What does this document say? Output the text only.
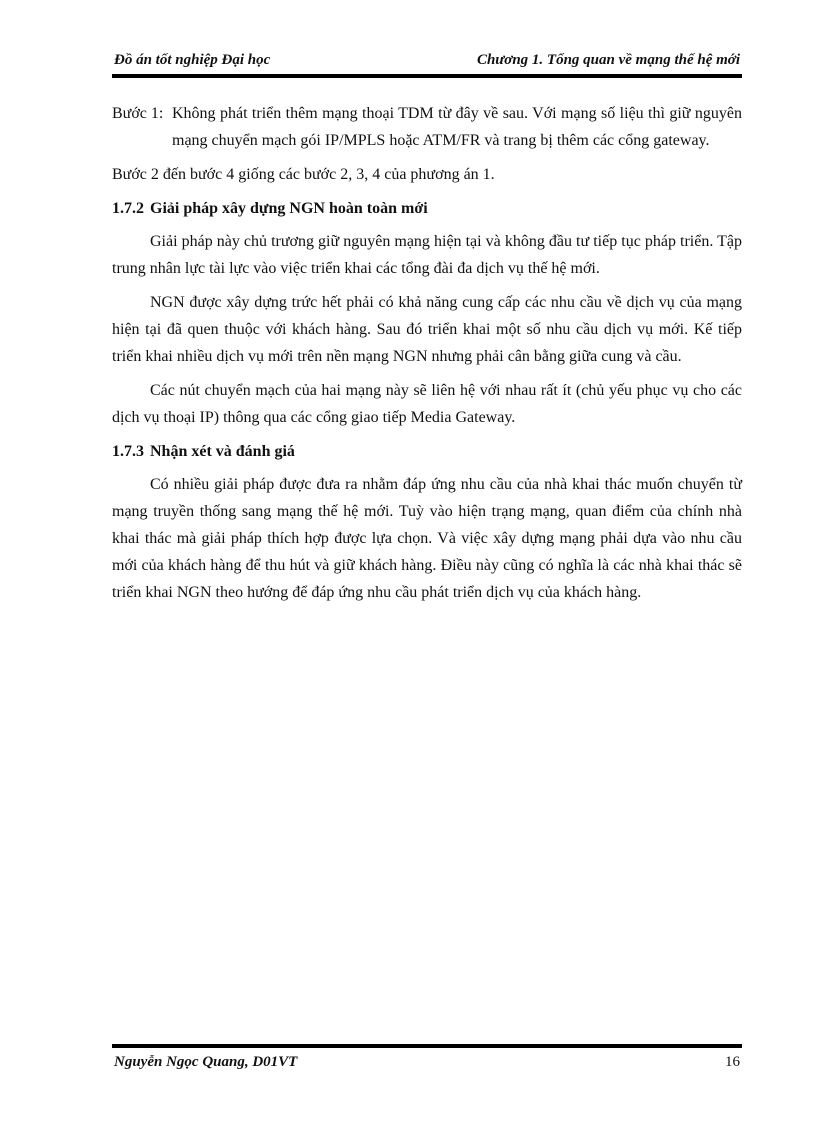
Đồ án tốt nghiệp Đại học	Chương 1. Tổng quan về mạng thế hệ mới

Bước 1: Không phát triển thêm mạng thoại TDM từ đây về sau. Với mạng số liệu thì giữ nguyên mạng chuyển mạch gói IP/MPLS hoặc ATM/FR và trang bị thêm các cổng gateway.

Bước 2 đến bước 4 giống các bước 2, 3, 4 của phương án 1.

1.7.2 Giải pháp xây dựng NGN hoàn toàn mới

Giải pháp này chủ trương giữ nguyên mạng hiện tại và không đầu tư tiếp tục pháp triển. Tập trung nhân lực tài lực vào việc triển khai các tổng đài đa dịch vụ thế hệ mới.

NGN được xây dựng trức hết phải có khả năng cung cấp các nhu cầu về dịch vụ của mạng hiện tại đã quen thuộc với khách hàng. Sau đó triển khai một số nhu cầu dịch vụ mới. Kế tiếp triển khai nhiều dịch vụ mới trên nền mạng NGN nhưng phải cân bằng giữa cung và cầu.

Các nút chuyển mạch của hai mạng này sẽ liên hệ với nhau rất ít (chủ yếu phục vụ cho các dịch vụ thoại IP) thông qua các cổng giao tiếp Media Gateway.

1.7.3 Nhận xét và đánh giá

Có nhiều giải pháp được đưa ra nhằm đáp ứng nhu cầu của nhà khai thác muốn chuyển từ mạng truyền thống sang mạng thế hệ mới. Tuỳ vào hiện trạng mạng, quan điểm của chính nhà khai thác mà giải pháp thích hợp được lựa chọn. Và việc xây dựng mạng phải dựa vào nhu cầu mới của khách hàng để thu hút và giữ khách hàng. Điều này cũng có nghĩa là các nhà khai thác sẽ triển khai NGN theo hướng để đáp ứng nhu cầu phát triển dịch vụ của khách hàng.

Nguyễn Ngọc Quang, D01VT	16
